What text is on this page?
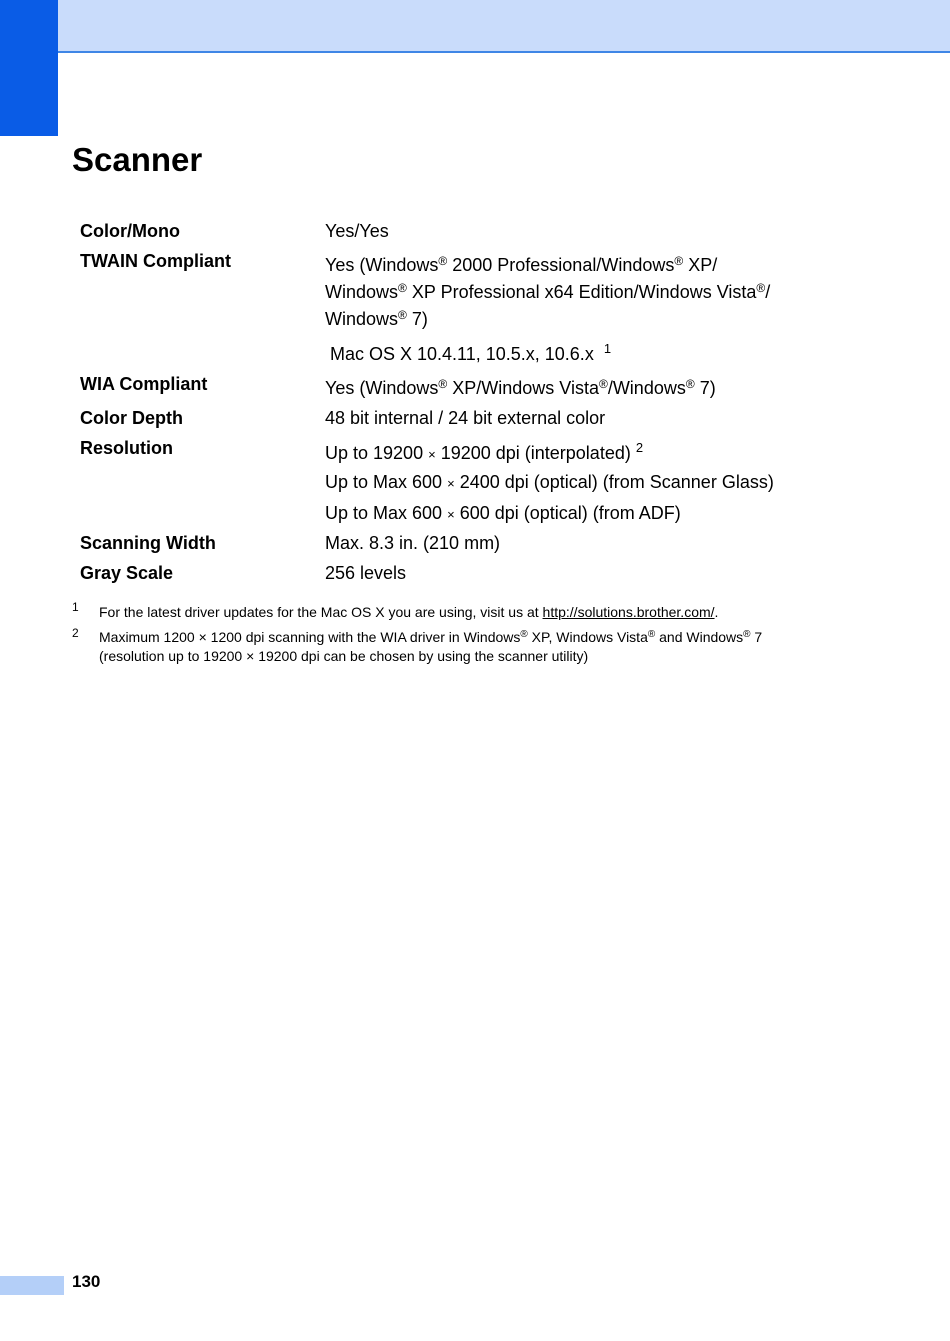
Scanner
Color/Mono	Yes/Yes
TWAIN Compliant	Yes (Windows® 2000 Professional/Windows® XP/
Windows® XP Professional x64 Edition/Windows Vista®/
Windows® 7)
Mac OS X 10.4.11, 10.5.x, 10.6.x $^1$
WIA Compliant	Yes (Windows® XP/Windows Vista®/Windows® 7)
Color Depth	48 bit internal / 24 bit external color
Resolution	Up to 19200 × 19200 dpi (interpolated) $^2$
Up to Max 600 × 2400 dpi (optical) (from Scanner Glass)
Up to Max 600 × 600 dpi (optical) (from ADF)
Scanning Width	Max. 8.3 in. (210 mm)
Gray Scale	256 levels
1 For the latest driver updates for the Mac OS X you are using, visit us at http://solutions.brother.com/.
2 Maximum 1200 × 1200 dpi scanning with the WIA driver in Windows® XP, Windows Vista® and Windows® 7
(resolution up to 19200 × 19200 dpi can be chosen by using the scanner utility)
130
